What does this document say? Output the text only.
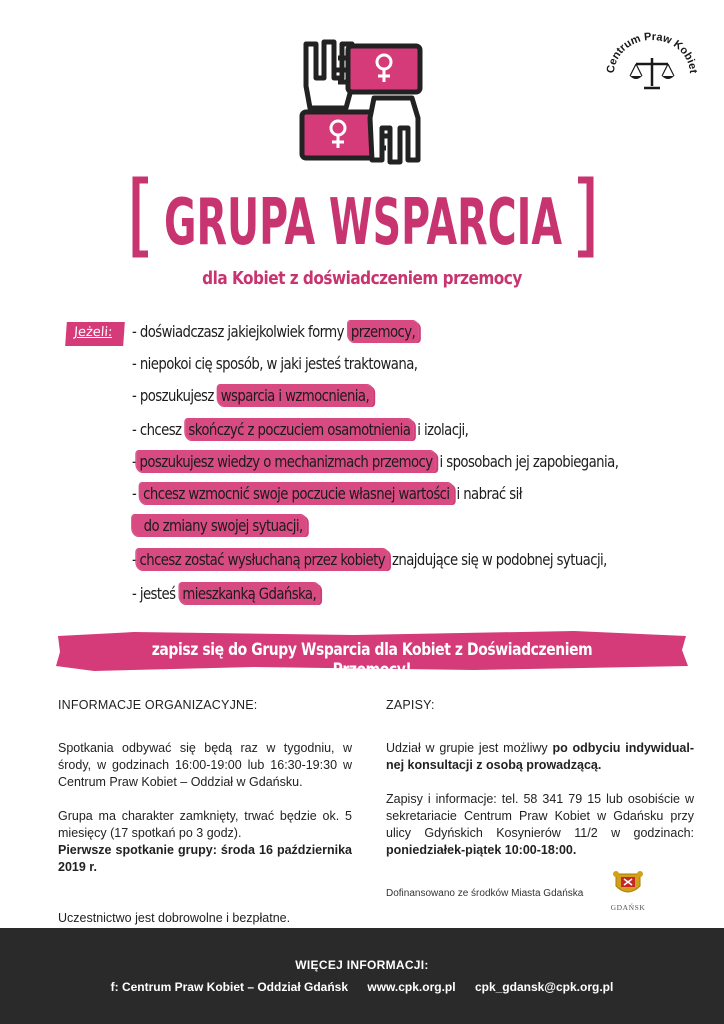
Centrum Praw Kobiet
GRUPA WSPARCIA
dla Kobiet z doświadczeniem przemocy
Jeżeli:	- doświadczasz jakiejkolwiek formy przemocy,
- niepokoi cię sposób, w jaki jesteś traktowana,
- poszukujesz wsparcia i wzmocnienia,
- chcesz skończyć z poczuciem osamotnienia i izolacji,
- poszukujesz wiedzy o mechanizmach przemocy i sposobach jej zapobiegania,
- chcesz wzmocnić swoje poczucie własnej wartości i nabrać sił
do zmiany swojej sytuacji,
- chcesz zostać wysłuchaną przez kobiety znajdujące się w podobnej sytuacji,
- jesteś mieszkanką Gdańska,
zapisz się do Grupy Wsparcia dla Kobiet z Doświadczeniem Przemocy!
INFORMACJE ORGANIZACYJNE:

Spotkania odbywać się będą raz w tygodniu, w środy, w godzinach 16:00-19:00 lub 16:30-19:30 w Centrum Praw Kobiet – Oddział w Gdańsku.

Grupa ma charakter zamknięty, trwać będzie ok. 5 miesięcy (17 spotkań po 3 godz).
Pierwsze spotkanie grupy: środa 16 października 2019 r.

Uczestnictwo jest dobrowolne i bezpłatne.

ZAPISY:

Udział w grupie jest możliwy po odbyciu indywidual-nej konsultacji z osobą prowadzącą.

Zapisy i informacje: tel. 58 341 79 15 lub osobiście w sekretariacie Centrum Praw Kobiet w Gdańsku przy ulicy Gdyńskich Kosynierów 11/2 w godzinach: poniedziałek-piątek 10:00-18:00.

Dofinansowano ze środków Miasta Gdańska
GDAŃSK
WIĘCEJ INFORMACJI:
f: Centrum Praw Kobiet – Oddział Gdańsk www.cpk.org.pl cpk_gdansk@cpk.org.pl
